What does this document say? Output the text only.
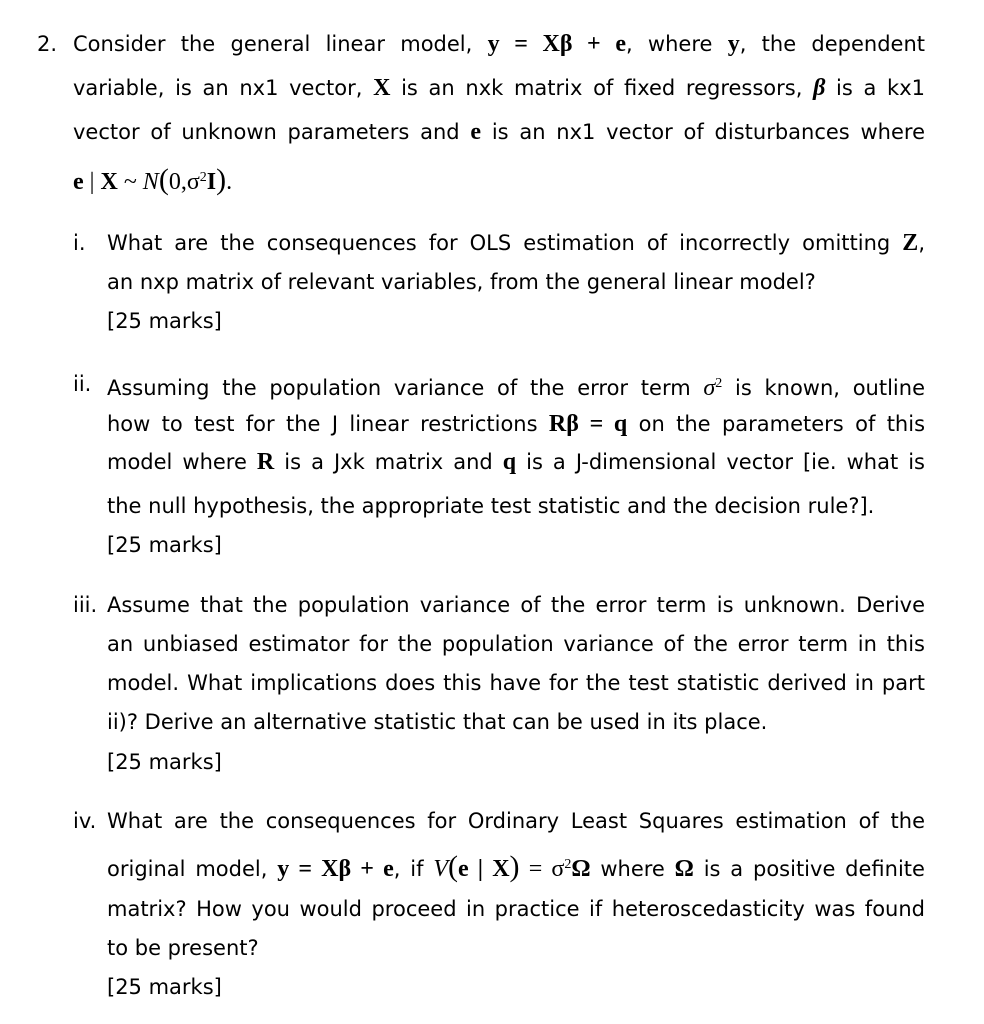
2. Consider the general linear model, y = Xβ + e, where y, the dependent
variable, is an nx1 vector, X is an nxk matrix of fixed regressors, β is a kx1
vector of unknown parameters and e is an nx1 vector of disturbances where
e | X ~ $N(0,\sigma^2I)$.
i. What are the consequences for OLS estimation of incorrectly omitting Z,
an nxp matrix of relevant variables, from the general linear model?
[25 marks]
ii. Assuming the population variance of the error term $\sigma^2$ is known, outline
how to test for the J linear restrictions Rβ = q on the parameters of this
model where R is a Jxk matrix and q is a J-dimensional vector [ie. what is
the null hypothesis, the appropriate test statistic and the decision rule?].
[25 marks]
iii. Assume that the population variance of the error term is unknown. Derive
an unbiased estimator for the population variance of the error term in this
model. What implications does this have for the test statistic derived in part
ii)? Derive an alternative statistic that can be used in its place.
[25 marks]
iv. What are the consequences for Ordinary Least Squares estimation of the
original model, y = Xβ + e, if V(e | $X) = \sigma^2\Omega$ where Ω is a positive definite
matrix? How you would proceed in practice if heteroscedasticity was found
to be present?
[25 marks]
